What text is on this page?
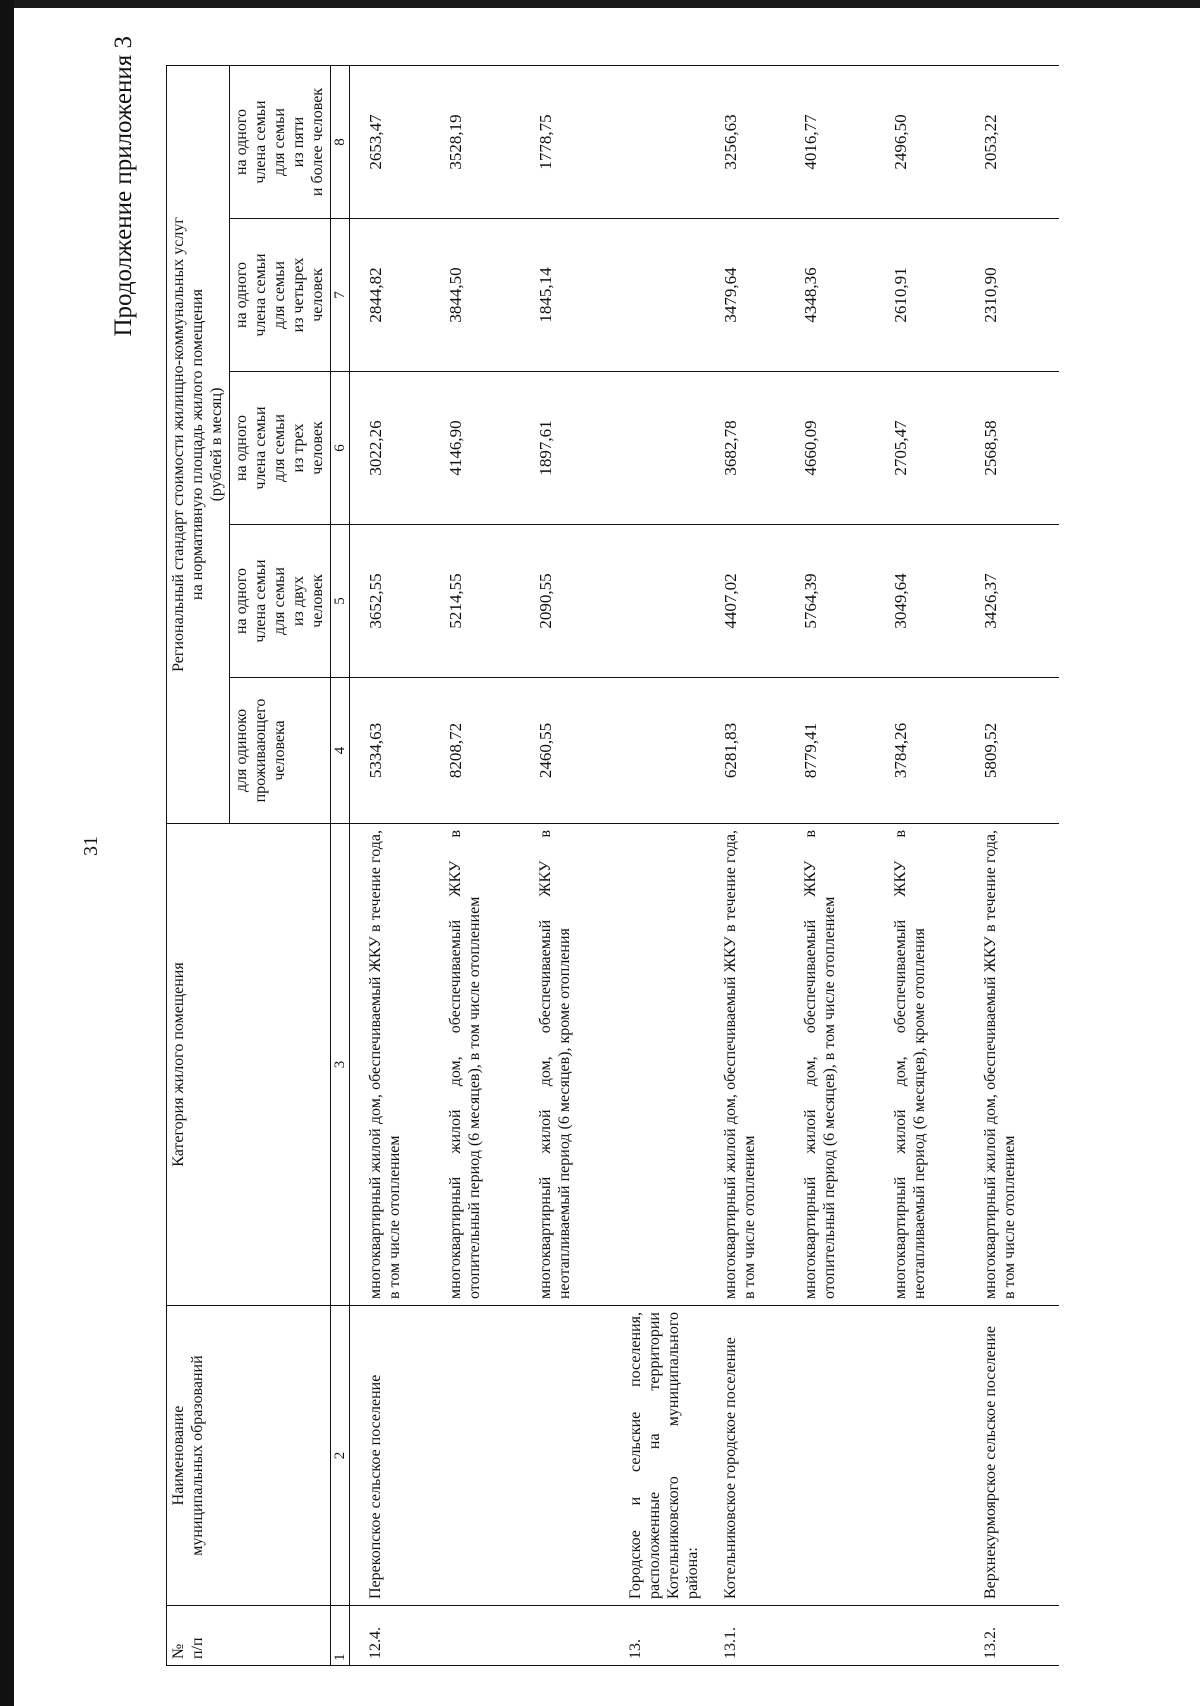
31
Продолжение приложения 3
№
п/п	Наименование
муниципальных образований	Категория жилого помещения	Региональный стандарт стоимости жилищно-коммунальных услуг
на нормативную площадь жилого помещения
(рублей в месяц)				
			для одиноко
проживающего
человека	на одного
члена семьи
для семьи
из двух
человек	на одного
члена семьи
для семьи
из трех
человек	на одного
члена семьи
для семьи
из четырех
человек	на одного
члена семьи
для семьи
из пяти
и более человек
1	2	3	4	5	6	7	8

12.4.	Перекопское сельское поселение	многоквартирный жилой дом, обеспечиваемый ЖКУ в течение года, в том числе отоплением	5334,63	3652,55	3022,26	2844,82	2653,47
		многоквартирный жилой дом, обеспечиваемый ЖКУ в отопительный период (6 месяцев), в том числе отоплением	8208,72	5214,55	4146,90	3844,50	3528,19
		многоквартирный жилой дом, обеспечиваемый ЖКУ в неотапливаемый период (6 месяцев), кроме отопления	2460,55	2090,55	1897,61	1845,14	1778,75
13.	Городское и сельские поселения, расположенные на территории Котельниковского муниципального района:						
13.1.	Котельниковское городское поселение	многоквартирный жилой дом, обеспечиваемый ЖКУ в течение года, в том числе отоплением	6281,83	4407,02	3682,78	3479,64	3256,63
		многоквартирный жилой дом, обеспечиваемый ЖКУ в отопительный период (6 месяцев), в том числе отоплением	8779,41	5764,39	4660,09	4348,36	4016,77
		многоквартирный жилой дом, обеспечиваемый ЖКУ в неотапливаемый период (6 месяцев), кроме отопления	3784,26	3049,64	2705,47	2610,91	2496,50
13.2.	Верхнекурмоярское сельское поселение	многоквартирный жилой дом, обеспечиваемый ЖКУ в течение года, в том числе отоплением	5809,52	3426,37	2568,58	2310,90	2053,22
